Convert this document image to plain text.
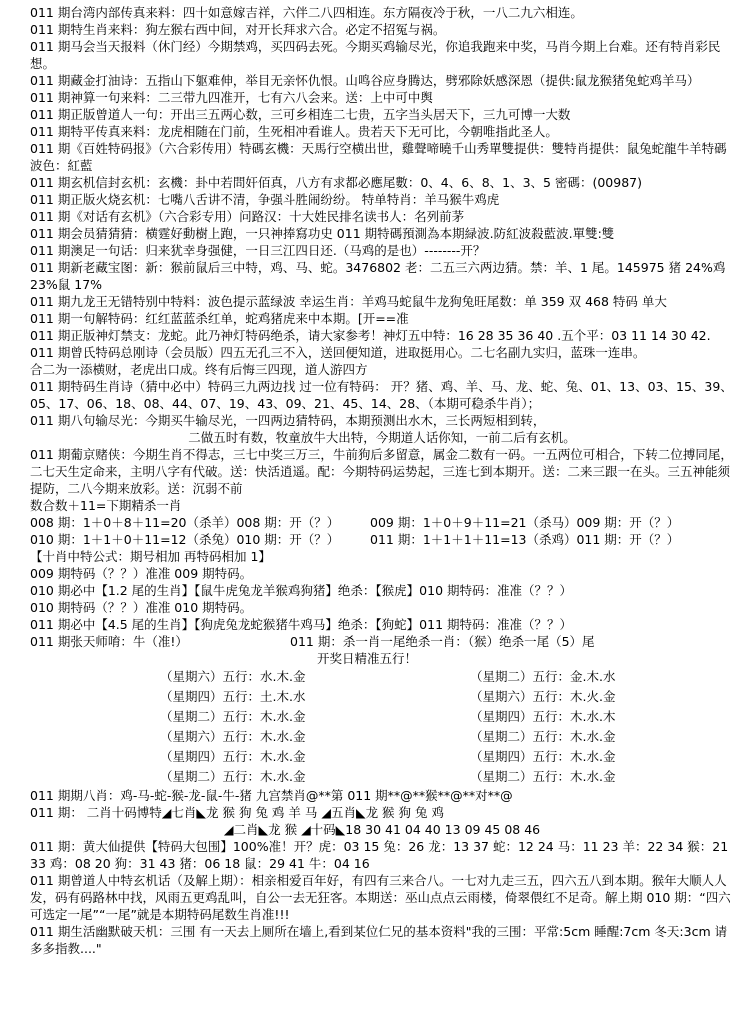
011 期台湾内部传真来料：四十如意嫁吉祥，六伴二八四相连。东方隔夜冷于秋，一八二九六相连。
011 期特生肖来料：狗左猴右西中间，对开长拜求六合。必定不招冤与祸。
011 期马会当天报料（休门经）今期禁鸡，买四码去死。今期买鸡输尽光，你追我跑来中奖，马肖今期上台难。还有特肖彩民想。
011 期藏金打油诗：五指山下躯难伸，举目无亲怀仇恨。山鸣谷应身腾达，劈邪除妖感深恩（提供:鼠龙猴猪兔蛇鸡羊马）
011 期神算一句来料：二三带九四准开，七有六八会来。送：上中可中舆
011 期正版曾道人一句：开出三五两心数，三可乡相连二七贵，五字当头居天下，三九可博一大数
011 期特平传真来料：龙虎相随在门前，生死相冲看谁人。贵若天下无可比，今朝唯指此圣人。
011 期《百姓特码报》（六合彩传用）特碼玄機：天馬行空横出世，雞聲啼曉千山秀單雙提供：雙特肖提供：鼠兔蛇龍牛羊特碼波色：紅藍
011 期玄机信封玄机：玄機：卦中若問奸佰真，八方有求都必應尾數：0、4、6、8、1、3、5 密碼：(00987)
011 期正版火烧玄机：七嘴八舌讲不清，争强斗胜闹纷纷。 特单特肖：羊马猴牛鸡虎
011 期《对话有玄机》（六合彩专用）问路汉：十大姓民排名读书人：名列前茅
011 期会员猜猜猜：横霆好動樹上跑，一只神捧寫功史 011 期特碼預測為本期緑波.防紅波殺藍波.單雙:雙
011 期澳足一句话：归来犹幸身强健，一日三江四日还.（马鸡的是也）--------开？
011 期新老藏宝图：新：猴前鼠后三中特，鸡、马、蛇。3476802 老：二五三六两边猜。禁：羊、1 尾。145975 猪 24%鸡 23%鼠 17%
011 期九龙王无错特别中特料：波色提示蓝绿波 幸运生肖：羊鸡马蛇鼠牛龙狗兔旺尾数：单 359 双 468 特码 单大
011 期一句解特码：红红蓝蓝杀红单，蛇鸡猪虎来中本期。[开==准
011 期正版神灯禁支：龙蛇。此乃神灯特码绝杀，请大家参考！神灯五中特：16 28 35 36 40 .五个平：03 11 14 30 42.
011 期曾氏特码总刚诗（会员版）四五无孔三不入，送回便知道，进取挺用心。二七名副九实归，蓝珠一连串。
合二为一添横财，老虎出口成。终有后悔三四现，道人游四方
011 期特码生肖诗（猜中必中）特码三九两边找 过一位有特码： 开？猪、鸡、羊、马、龙、蛇、兔、01、13、03、15、39、05、17、06、18、08、44、07、19、43、09、21、45、14、28、（本期可稳杀牛肖）；
011 期八句输尽光：今期买牛输尽光，一四两边猜特码，本期预测出水木，三长两短相到转，
二做五时有数，牧童放牛大出特，今期道人话你知，一前二后有玄机。
011 期葡京赌侠：今期生肖不得志，三七中奖三万三，牛前狗后多留意，属金二数有一码。一五两位可相合，下转二位搏同尾，二七天生定命来，主明八字有代破。送：快活逍遥。配：今期特码运势起，三连七到本期开。送：二来三跟一在头。三五神能须提防，二八今期来放彩。送：沉弱不前
数合数＋11=下期精杀一肖
008 期：1＋0＋8＋11=20（杀羊）008 期：开（？）	009 期：1＋0＋9＋11=21（杀马）009 期：开（？）
010 期：1＋1＋0＋11=12（杀兔）010 期：开（？）	011 期：1＋1＋1＋11=13（杀鸡）011 期：开（？）
【十肖中特公式：期号相加 再特码相加 1】
009 期特码（？？）准准 009 期特码。
010 期必中【1.2 尾的生肖】【鼠牛虎兔龙羊猴鸡狗猪】绝杀：【猴虎】010 期特码：准准（？？）
010 期特码（？？）准准 010 期特码。
011 期必中【4.5 尾的生肖】【狗虎兔龙蛇猴猪牛鸡马】绝杀：【狗蛇】011 期特码：准准（？？）
011 期张天师唷：牛（准!）	011 期：杀一肖一尾绝杀一肖：（猴）绝杀一尾（5）尾
开奖日精准五行！
（星期六）五行：水.木.金	（星期二）五行：金.木.水
（星期四）五行：土.木.水	（星期六）五行：木.火.金
（星期二）五行：木.水.金	（星期四）五行：木.水.木
（星期六）五行：木.水.金	（星期二）五行：木.水.金
（星期四）五行：木.水.金	（星期四）五行：木.水.金
（星期二）五行：木.水.金	（星期二）五行：木.水.金
011 期期八肖：鸡-马-蛇-猴-龙-鼠-牛-猪 九宫禁肖@**第 011 期**@**猴**@**对**@
011 期： 二肖十码博特◢七肖◣龙 猴 狗 兔 鸡 羊 马 ◢五肖◣龙 猴 狗 兔 鸡
◢二肖◣龙 猴 ◢十码◣18 30 41 04 40 13 09 45 08 46
011 期：黄大仙提供【特码大包围】100%准！开？虎：03 15 兔：26 龙：13 37 蛇：12 24 马：11 23 羊：22 34 猴：21 33 鸡：08 20 狗：31 43 猪：06 18 鼠：29 41 牛：04 16
011 期曾道人中特玄机话（及解上期）：相亲相爱百年好，有四有三来合八。一七对九走三五，四六五八到本期。猴年大顺人人发，码有码路林中找，风雨五更鸡乱叫，自公一去无狂客。本期送：巫山点点云雨楼，倚翠偎红不足奇。解上期 010 期：“四六可选定一尾”“一尾”就是本期特码尾数生肖准!!!
011 期生活幽默破天机：三围 有一天去上厕所在墙上,看到某位仁兄的基本资料"我的三围：平常:5cm 睡醒:7cm 冬天:3cm 请多多指教...."
